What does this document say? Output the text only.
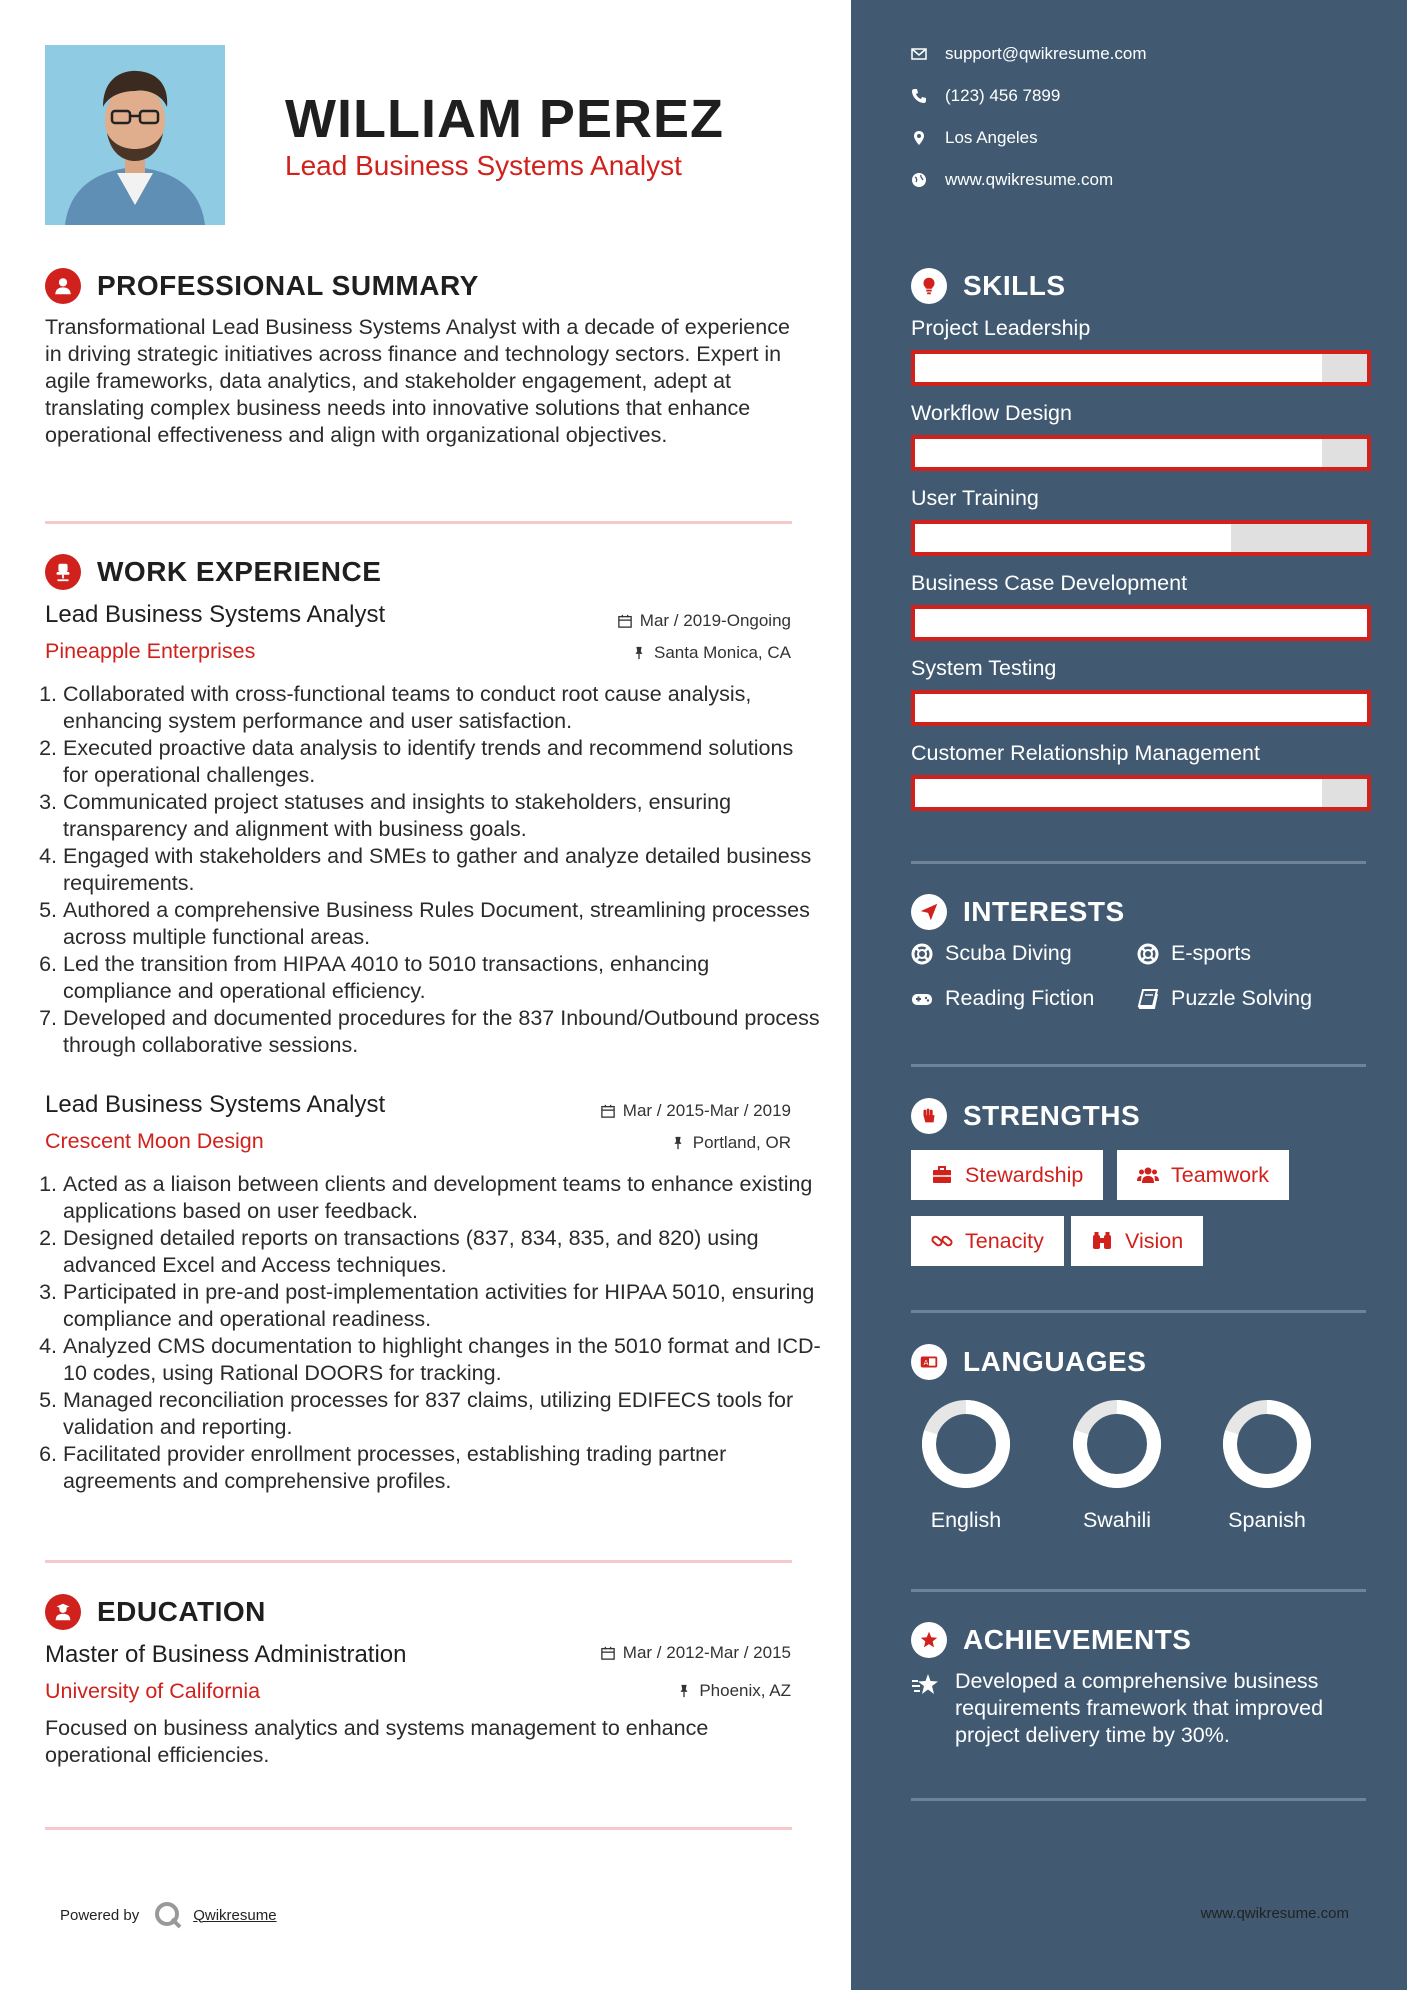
WILLIAM PEREZ
Lead Business Systems Analyst
PROFESSIONAL SUMMARY
Transformational Lead Business Systems Analyst with a decade of experience in driving strategic initiatives across finance and technology sectors. Expert in agile frameworks, data analytics, and stakeholder engagement, adept at translating complex business needs into innovative solutions that enhance operational effectiveness and align with organizational objectives.
WORK EXPERIENCE
Lead Business Systems Analyst	Mar / 2019-Ongoing
Pineapple Enterprises	Santa Monica, CA
1. Collaborated with cross-functional teams to conduct root cause analysis, enhancing system performance and user satisfaction.
2. Executed proactive data analysis to identify trends and recommend solutions for operational challenges.
3. Communicated project statuses and insights to stakeholders, ensuring transparency and alignment with business goals.
4. Engaged with stakeholders and SMEs to gather and analyze detailed business requirements.
5. Authored a comprehensive Business Rules Document, streamlining processes across multiple functional areas.
6. Led the transition from HIPAA 4010 to 5010 transactions, enhancing compliance and operational efficiency.
7. Developed and documented procedures for the 837 Inbound/Outbound process through collaborative sessions.
Lead Business Systems Analyst	Mar / 2015-Mar / 2019
Crescent Moon Design	Portland, OR
1. Acted as a liaison between clients and development teams to enhance existing applications based on user feedback.
2. Designed detailed reports on transactions (837, 834, 835, and 820) using advanced Excel and Access techniques.
3. Participated in pre-and post-implementation activities for HIPAA 5010, ensuring compliance and operational readiness.
4. Analyzed CMS documentation to highlight changes in the 5010 format and ICD-10 codes, using Rational DOORS for tracking.
5. Managed reconciliation processes for 837 claims, utilizing EDIFECS tools for validation and reporting.
6. Facilitated provider enrollment processes, establishing trading partner agreements and comprehensive profiles.
EDUCATION
Master of Business Administration	Mar / 2012-Mar / 2015
University of California	Phoenix, AZ
Focused on business analytics and systems management to enhance operational efficiencies.
Powered by	Qwikresume
support@qwikresume.com
(123) 456 7899
Los Angeles
www.qwikresume.com
SKILLS
Project Leadership
Workflow Design
User Training
Business Case Development
System Testing
Customer Relationship Management
INTERESTS
Scuba Diving	E-sports
Reading Fiction	Puzzle Solving
STRENGTHS
Stewardship	Teamwork
Tenacity	Vision
A LANGUAGES
English	Swahili	Spanish
ACHIEVEMENTS
Developed a comprehensive business requirements framework that improved project delivery time by 30%.
www.qwikresume.com
